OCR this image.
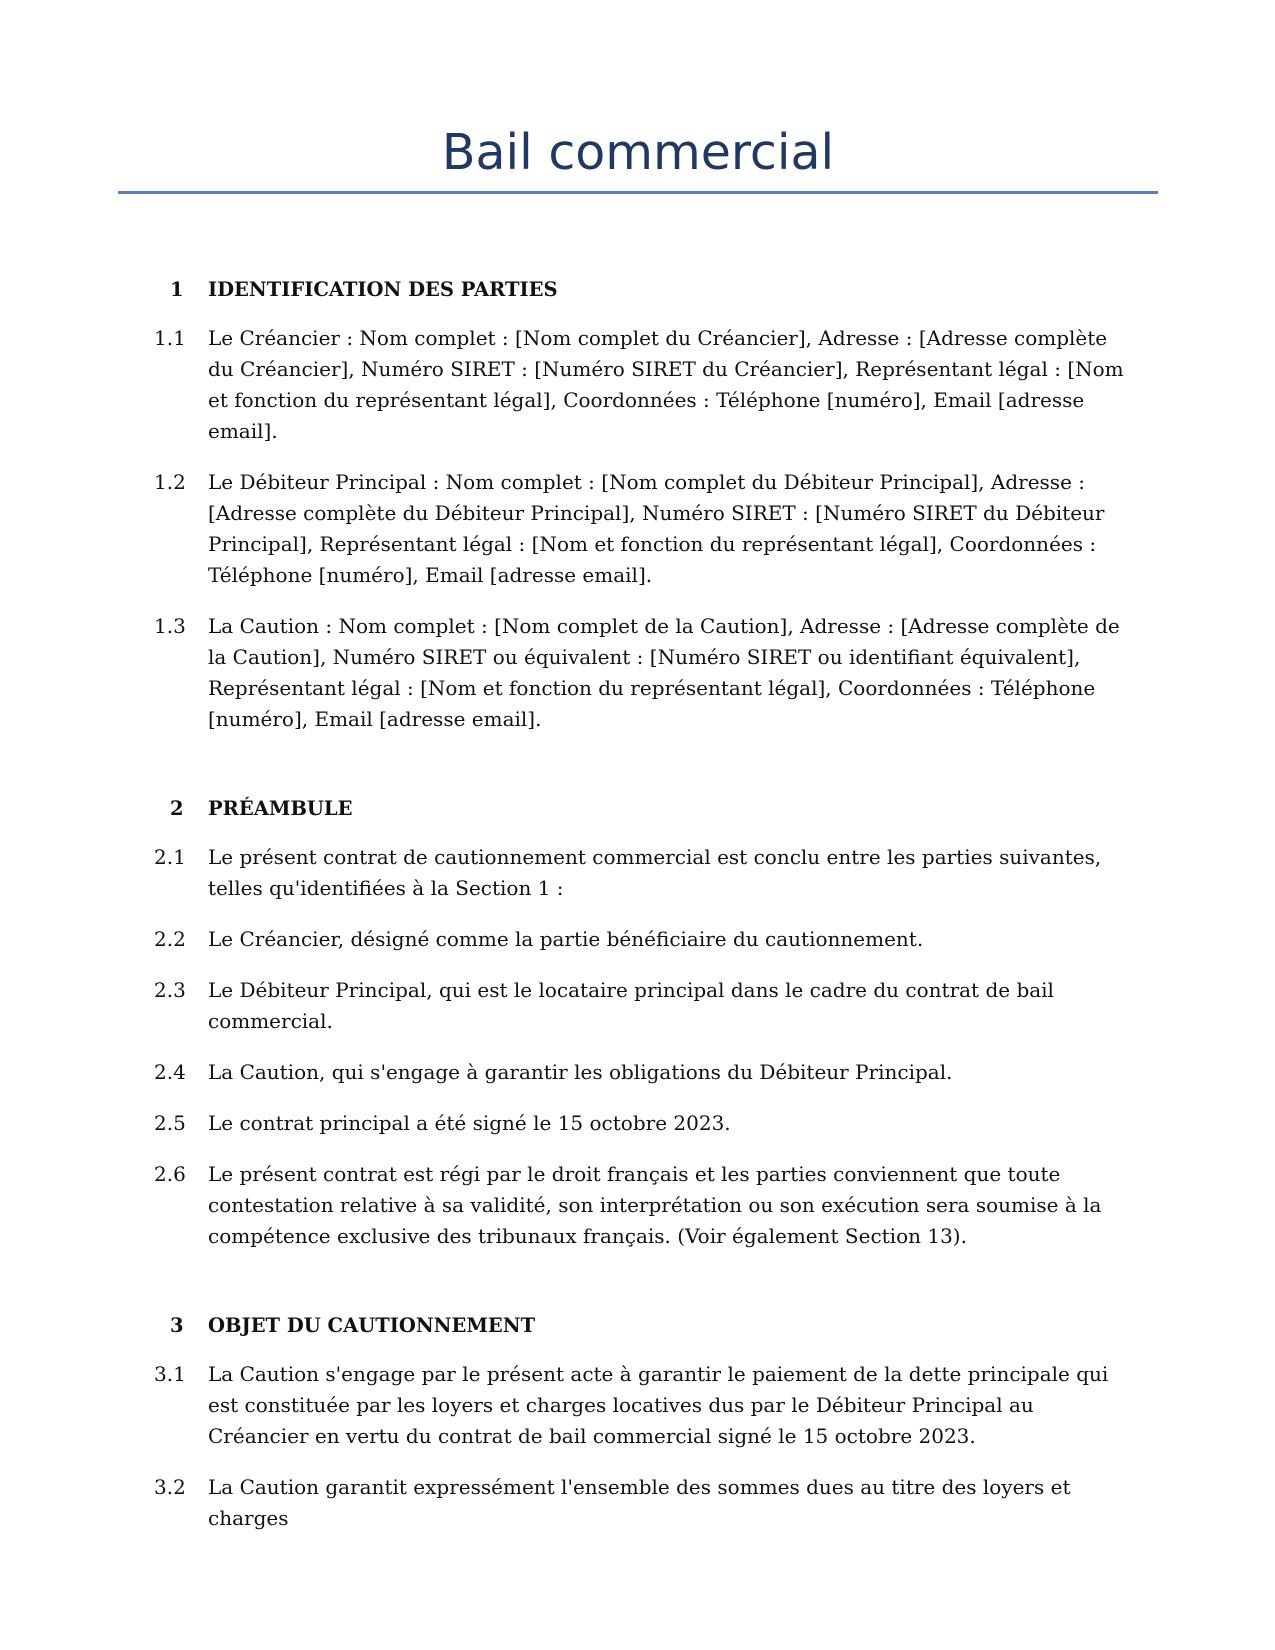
Bail commercial
1 IDENTIFICATION DES PARTIES
1.1 Le Créancier : Nom complet : [Nom complet du Créancier], Adresse : [Adresse complète du Créancier], Numéro SIRET : [Numéro SIRET du Créancier], Représentant légal : [Nom et fonction du représentant légal], Coordonnées : Téléphone [numéro], Email [adresse email].
1.2 Le Débiteur Principal : Nom complet : [Nom complet du Débiteur Principal], Adresse : [Adresse complète du Débiteur Principal], Numéro SIRET : [Numéro SIRET du Débiteur Principal], Représentant légal : [Nom et fonction du représentant légal], Coordonnées : Téléphone [numéro], Email [adresse email].
1.3 La Caution : Nom complet : [Nom complet de la Caution], Adresse : [Adresse complète de la Caution], Numéro SIRET ou équivalent : [Numéro SIRET ou identifiant équivalent], Représentant légal : [Nom et fonction du représentant légal], Coordonnées : Téléphone [numéro], Email [adresse email].
2 PRÉAMBULE
2.1 Le présent contrat de cautionnement commercial est conclu entre les parties suivantes, telles qu'identifiées à la Section 1 :
2.2 Le Créancier, désigné comme la partie bénéficiaire du cautionnement.
2.3 Le Débiteur Principal, qui est le locataire principal dans le cadre du contrat de bail commercial.
2.4 La Caution, qui s'engage à garantir les obligations du Débiteur Principal.
2.5 Le contrat principal a été signé le 15 octobre 2023.
2.6 Le présent contrat est régi par le droit français et les parties conviennent que toute contestation relative à sa validité, son interprétation ou son exécution sera soumise à la compétence exclusive des tribunaux français. (Voir également Section 13).
3 OBJET DU CAUTIONNEMENT
3.1 La Caution s'engage par le présent acte à garantir le paiement de la dette principale qui est constituée par les loyers et charges locatives dus par le Débiteur Principal au Créancier en vertu du contrat de bail commercial signé le 15 octobre 2023.
3.2 La Caution garantit expressément l'ensemble des sommes dues au titre des loyers et charges
